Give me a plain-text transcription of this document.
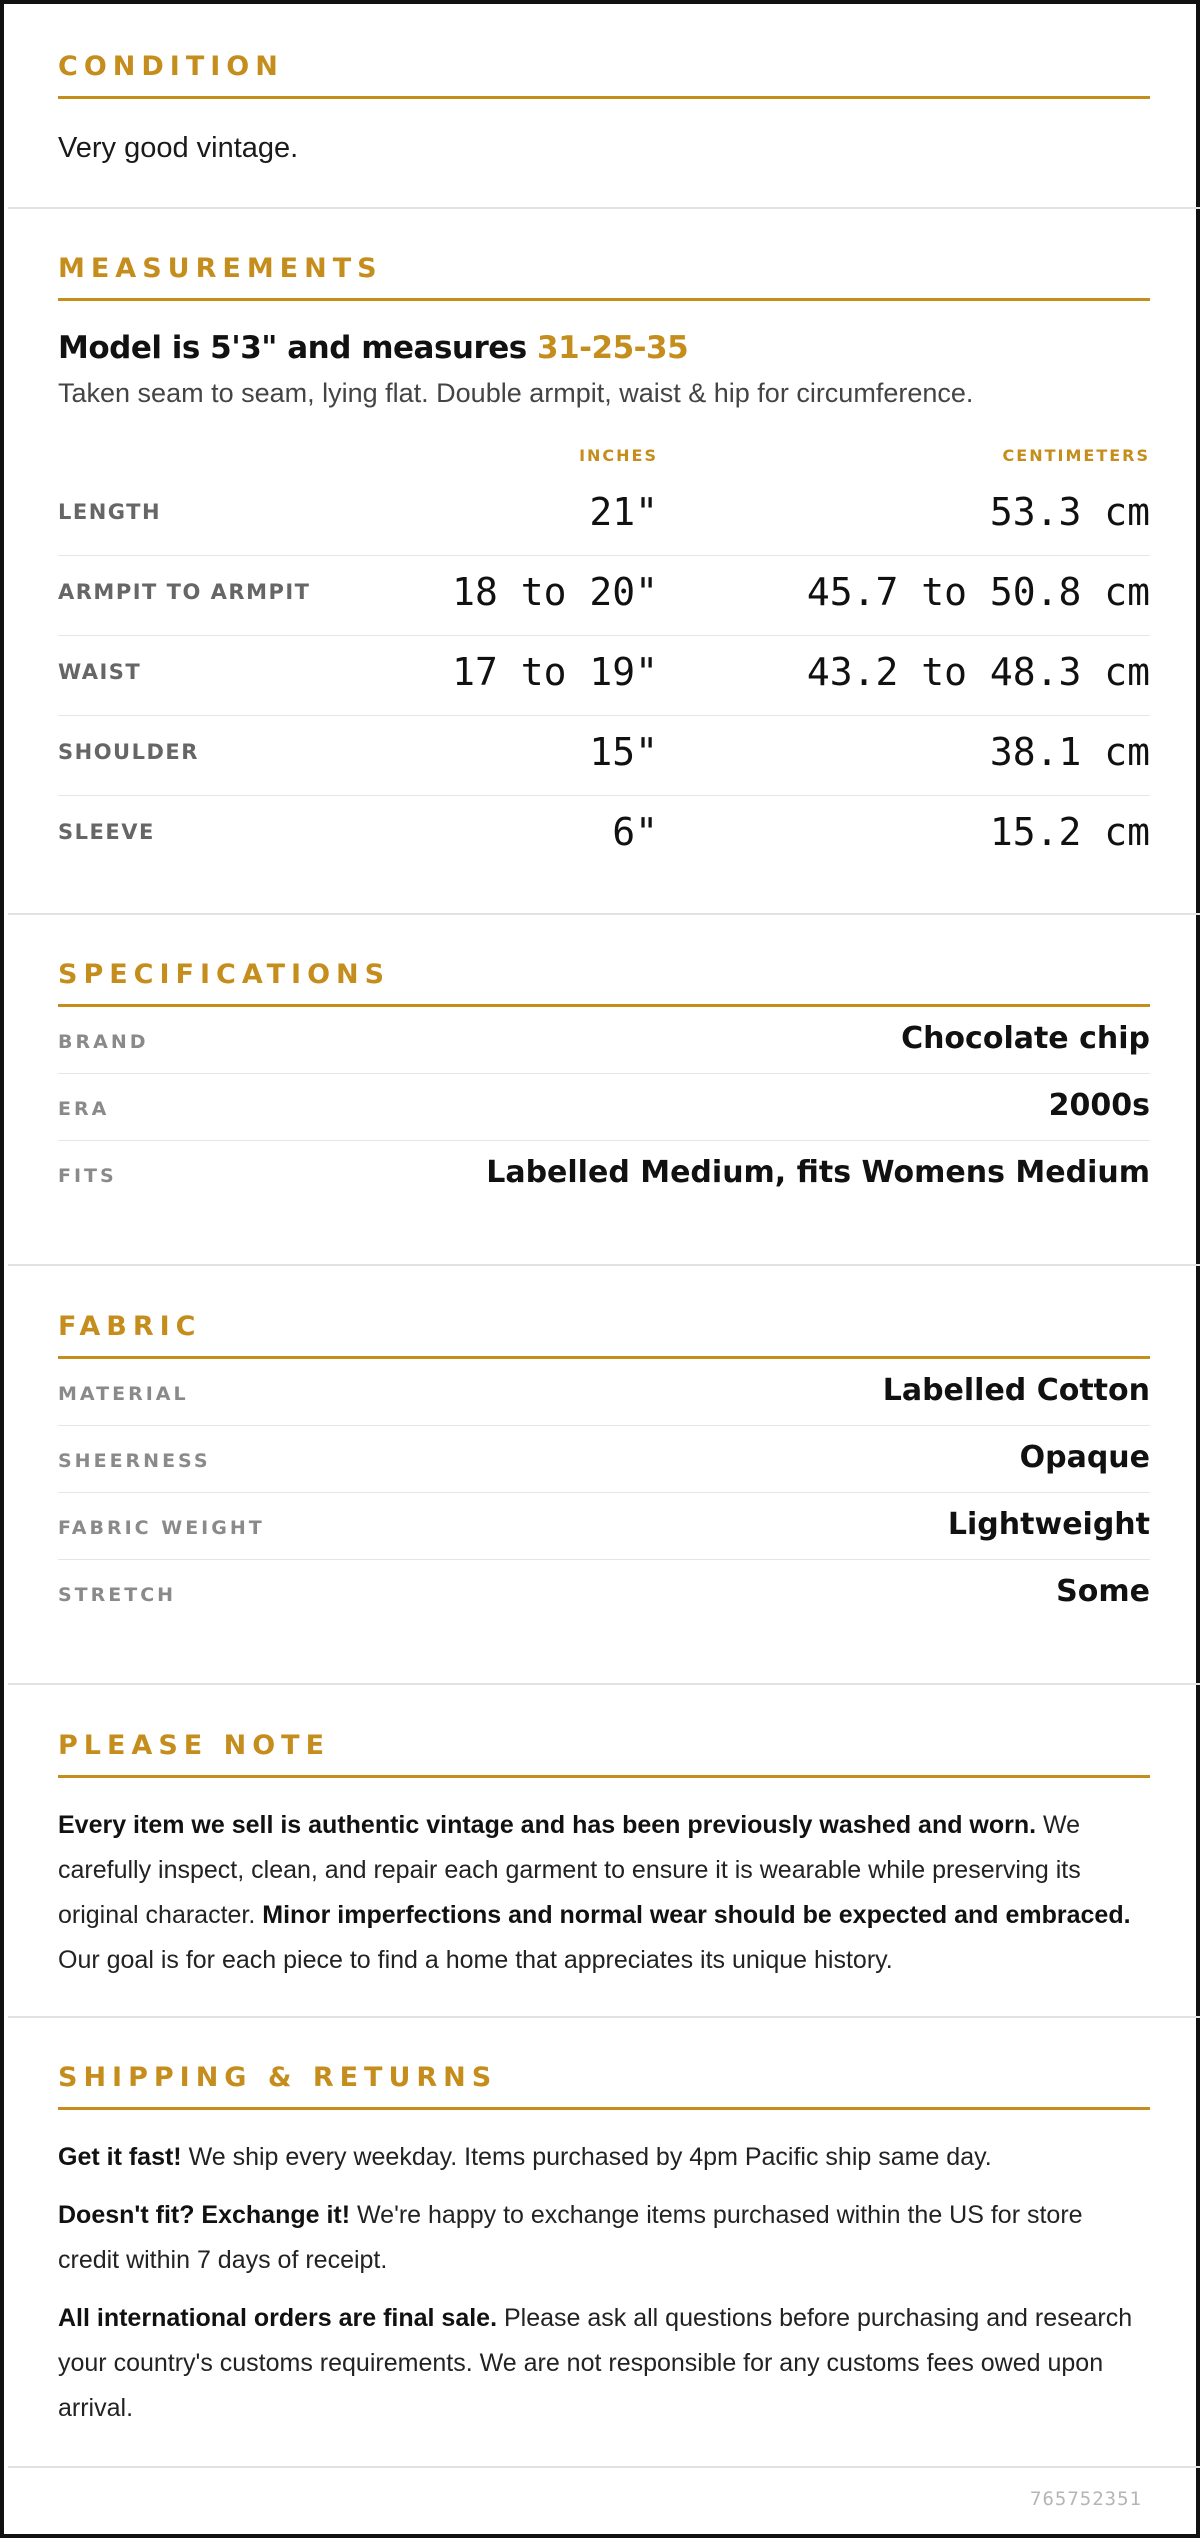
CONDITION
Very good vintage.
MEASUREMENTS
Model is 5'3" and measures 31-25-35
Taken seam to seam, lying flat. Double armpit, waist & hip for circumference.
INCHES	CENTIMETERS
LENGTH	21"	53.3 cm
ARMPIT TO ARMPIT	18 to 20"	45.7 to 50.8 cm
WAIST	17 to 19"	43.2 to 48.3 cm
SHOULDER	15"	38.1 cm
SLEEVE	6"	15.2 cm
SPECIFICATIONS
BRAND	Chocolate chip
ERA	2000s
FITS	Labelled Medium, fits Womens Medium
FABRIC
MATERIAL	Labelled Cotton
SHEERNESS	Opaque
FABRIC WEIGHT	Lightweight
STRETCH	Some
PLEASE NOTE
Every item we sell is authentic vintage and has been previously washed and worn. We carefully inspect, clean, and repair each garment to ensure it is wearable while preserving its original character. Minor imperfections and normal wear should be expected and embraced. Our goal is for each piece to find a home that appreciates its unique history.
SHIPPING & RETURNS
Get it fast! We ship every weekday. Items purchased by 4pm Pacific ship same day.
Doesn't fit? Exchange it! We're happy to exchange items purchased within the US for store credit within 7 days of receipt.
All international orders are final sale. Please ask all questions before purchasing and research your country's customs requirements. We are not responsible for any customs fees owed upon arrival.
765752351
